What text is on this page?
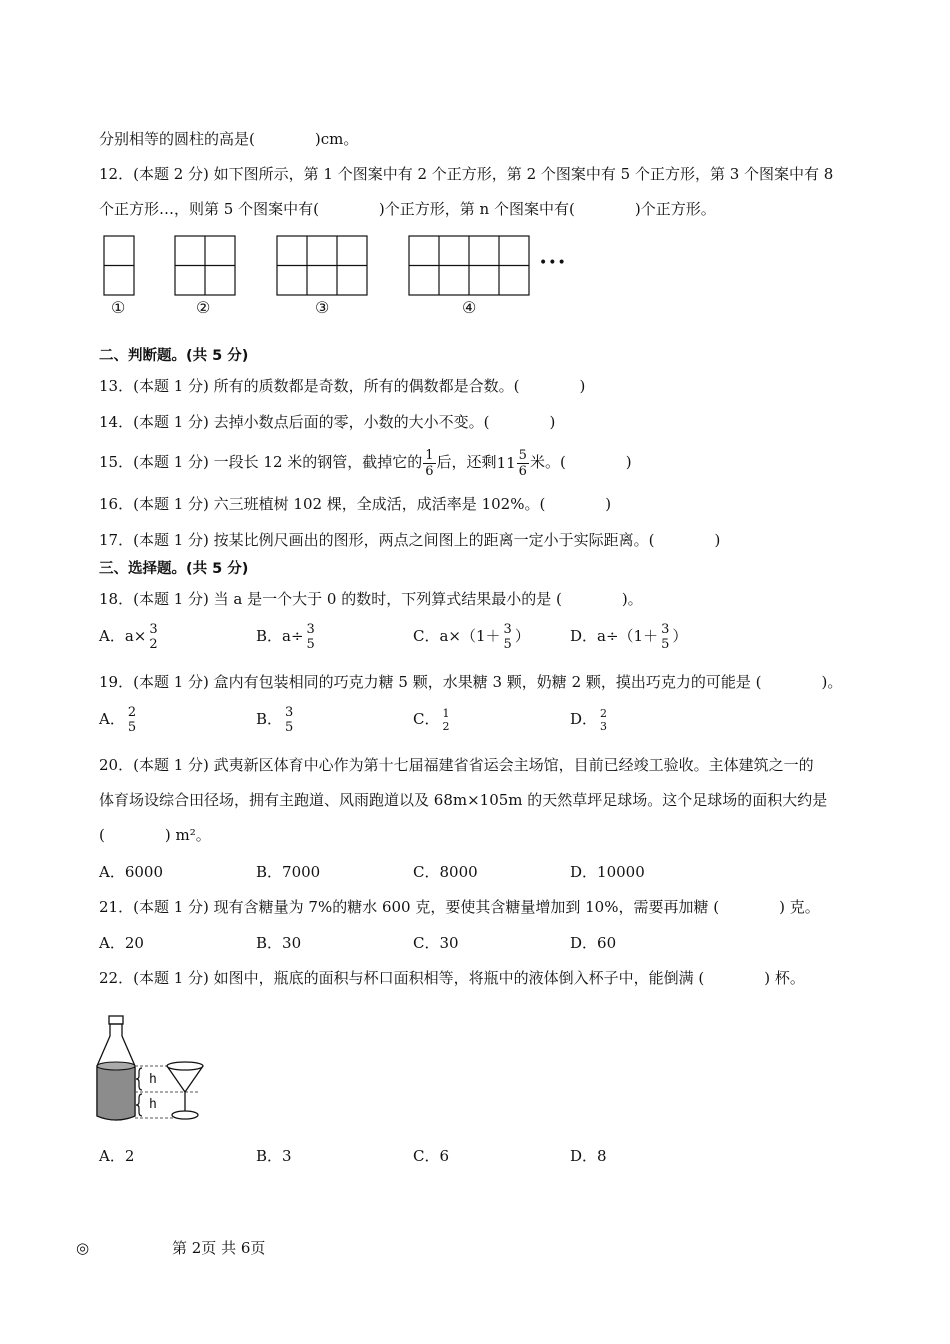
分别相等的圆柱的高是(　　　　)cm。
12．(本题 2 分) 如下图所示，第 1 个图案中有 2 个正方形，第 2 个图案中有 5 个正方形，第 3 个图案中有 8
个正方形…，则第 5 个图案中有(　　　　)个正方形，第 n 个图案中有(　　　　)个正方形。
①	②	③	④
•••
二、判断题。(共 5 分)
13．(本题 1 分) 所有的质数都是奇数，所有的偶数都是合数。(　　　　)
14．(本题 1 分) 去掉小数点后面的零，小数的大小不变。(　　　　)
15．(本题 1 分) 一段长 12 米的钢管，截掉它的 $\frac{1}{6}$ 后，还剩$11 \frac{5}{6}$ 米。(　　　　)
16．(本题 1 分) 六三班植树 102 棵，全成活，成活率是 102%。(　　　　)
17．(本题 1 分) 按某比例尺画出的图形，两点之间图上的距离一定小于实际距离。(　　　　)
三、选择题。(共 5 分)
18．(本题 1 分) 当 a 是一个大于 0 的数时，下列算式结果最小的是 (　　　　)。
A．a× 3
2	B．a÷ 3
5	C．a×（1＋ 3
5 ）	D．a÷（1＋ 3
5 ）
19．(本题 1 分) 盒内有包装相同的巧克力糖 5 颗，水果糖 3 颗，奶糖 2 颗，摸出巧克力的可能是 (　　　　)。
A． 2
5	B． 3
5	C． 1
2	D． 2
3
20．(本题 1 分) 武夷新区体育中心作为第十七届福建省省运会主场馆，目前已经竣工验收。主体建筑之一的
体育场设综合田径场，拥有主跑道、风雨跑道以及 68m×105m 的天然草坪足球场。这个足球场的面积大约是
(　　　　) m²。
A．6000	B．7000	C．8000	D．10000
21．(本题 1 分) 现有含糖量为 7%的糖水 600 克，要使其含糖量增加到 10%，需要再加糖 (　　　　) 克。
A．20	B．30	C．30	D．60
22．(本题 1 分) 如图中，瓶底的面积与杯口面积相等，将瓶中的液体倒入杯子中，能倒满 (　　　　) 杯。
h
h
A．2	B．3	C．6	D．8
◎	第 2页 共 6页
